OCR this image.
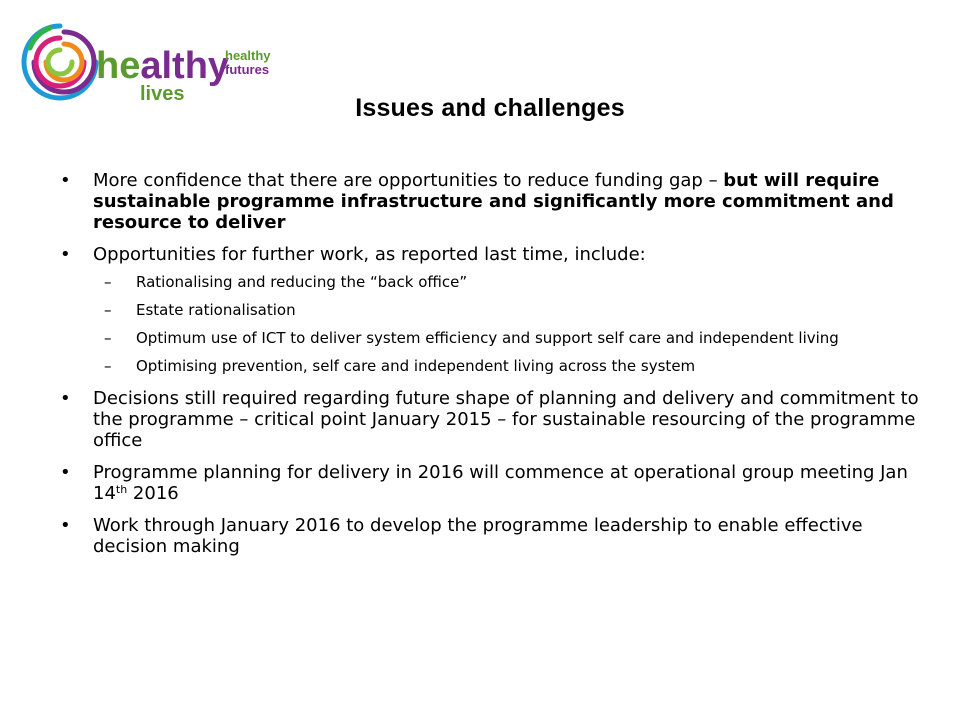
healthy
lives
healthy
futures
Issues and challenges
• More confidence that there are opportunities to reduce funding gap – but will require sustainable programme infrastructure and significantly more commitment and resource to deliver
• Opportunities for further work, as reported last time, include:
– Rationalising and reducing the “back office”
– Estate rationalisation
– Optimum use of ICT to deliver system efficiency and support self care and independent living
– Optimising prevention, self care and independent living across the system
• Decisions still required regarding future shape of planning and delivery and commitment to the programme – critical point January 2015 – for sustainable resourcing of the programme office
• Programme planning for delivery in 2016 will commence at operational group meeting Jan 14th 2016
• Work through January 2016 to develop the programme leadership to enable effective decision making
